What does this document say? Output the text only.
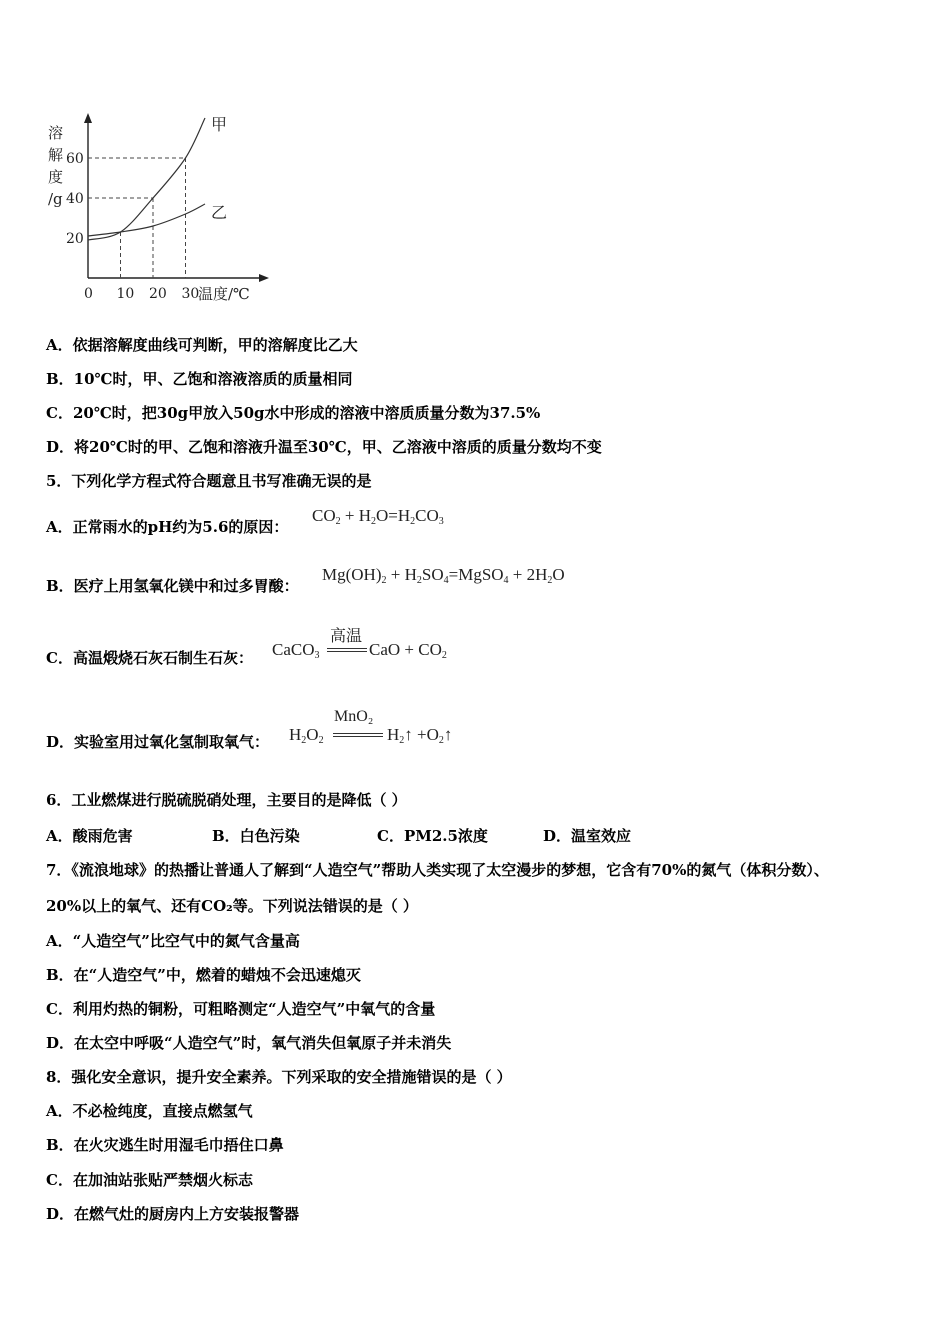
甲
乙
0 10 20 30
20
40
60
温度/℃
溶
解
度
/g
A．依据溶解度曲线可判断，甲的溶解度比乙大
B．10℃时，甲、乙饱和溶液溶质的质量相同
C．20℃时，把30g甲放入50g水中形成的溶液中溶质质量分数为37.5%
D．将20℃时的甲、乙饱和溶液升温至30℃，甲、乙溶液中溶质的质量分数均不变
5．下列化学方程式符合题意且书写准确无误的是
A．正常雨水的pH约为5.6的原因：
$CO_2 + H_2O=H_2CO_3$
B．医疗上用氢氧化镁中和过多胃酸：
$Mg(OH)_2$ + $H_2SO_4=MgSO_4 + 2H_2O$
C．高温煅烧石灰石制生石灰： CaCO$_3$
高温
CaO + $CO_2$
D．实验室用过氧化氢制取氧气： $H_2O_2$
MnO₂
$H_2↑$ $+O_2↑$
6．工业燃煤进行脱硫脱硝处理，主要目的是降低（ ）
A．酸雨危害	B．白色污染	C．PM2.5浓度	D．温室效应
7．《流浪地球》的热播让普通人了解到“人造空气”帮助人类实现了太空漫步的梦想，它含有70%的氮气（体积分数）、
20%以上的氧气、还有CO₂等。下列说法错误的是（ ）
A．“人造空气”比空气中的氮气含量高
B．在“人造空气”中，燃着的蜡烛不会迅速熄灭
C．利用灼热的铜粉，可粗略测定“人造空气”中氧气的含量
D．在太空中呼吸“人造空气”时，氧气消失但氧原子并未消失
8．强化安全意识，提升安全素养。下列采取的安全措施错误的是（ ）
A．不必检纯度，直接点燃氢气
B．在火灾逃生时用湿毛巾捂住口鼻
C．在加油站张贴严禁烟火标志
D．在燃气灶的厨房内上方安装报警器
